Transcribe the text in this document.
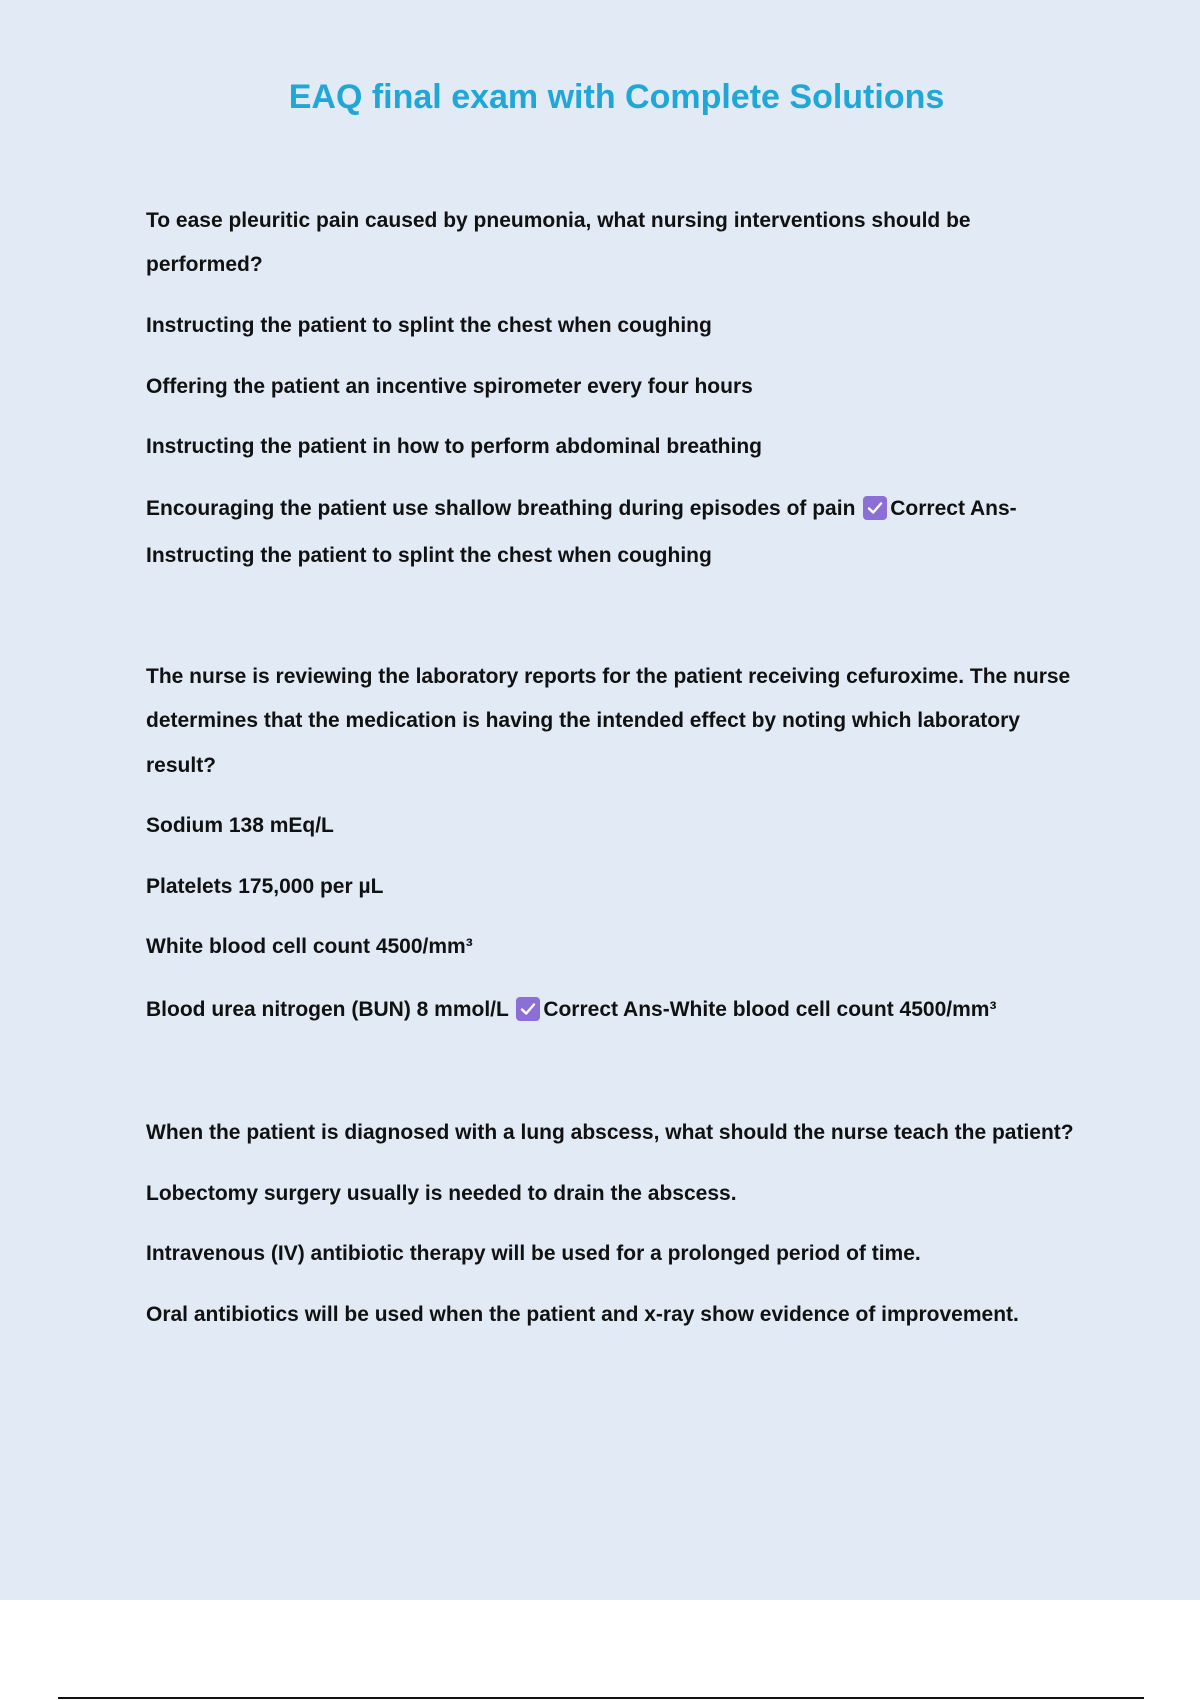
EAQ final exam with Complete Solutions
To ease pleuritic pain caused by pneumonia, what nursing interventions should be
performed?
Instructing the patient to splint the chest when coughing
Offering the patient an incentive spirometer every four hours
Instructing the patient in how to perform abdominal breathing
Encouraging the patient use shallow breathing during episodes of pain Correct Ans-
Instructing the patient to splint the chest when coughing
The nurse is reviewing the laboratory reports for the patient receiving cefuroxime. The nurse
determines that the medication is having the intended effect by noting which laboratory
result?
Sodium 138 mEq/L
Platelets 175,000 per µL
White blood cell count 4500/mm³
Blood urea nitrogen (BUN) 8 mmol/L Correct Ans-White blood cell count 4500/mm³
When the patient is diagnosed with a lung abscess, what should the nurse teach the patient?
Lobectomy surgery usually is needed to drain the abscess.
Intravenous (IV) antibiotic therapy will be used for a prolonged period of time.
Oral antibiotics will be used when the patient and x-ray show evidence of improvement.
